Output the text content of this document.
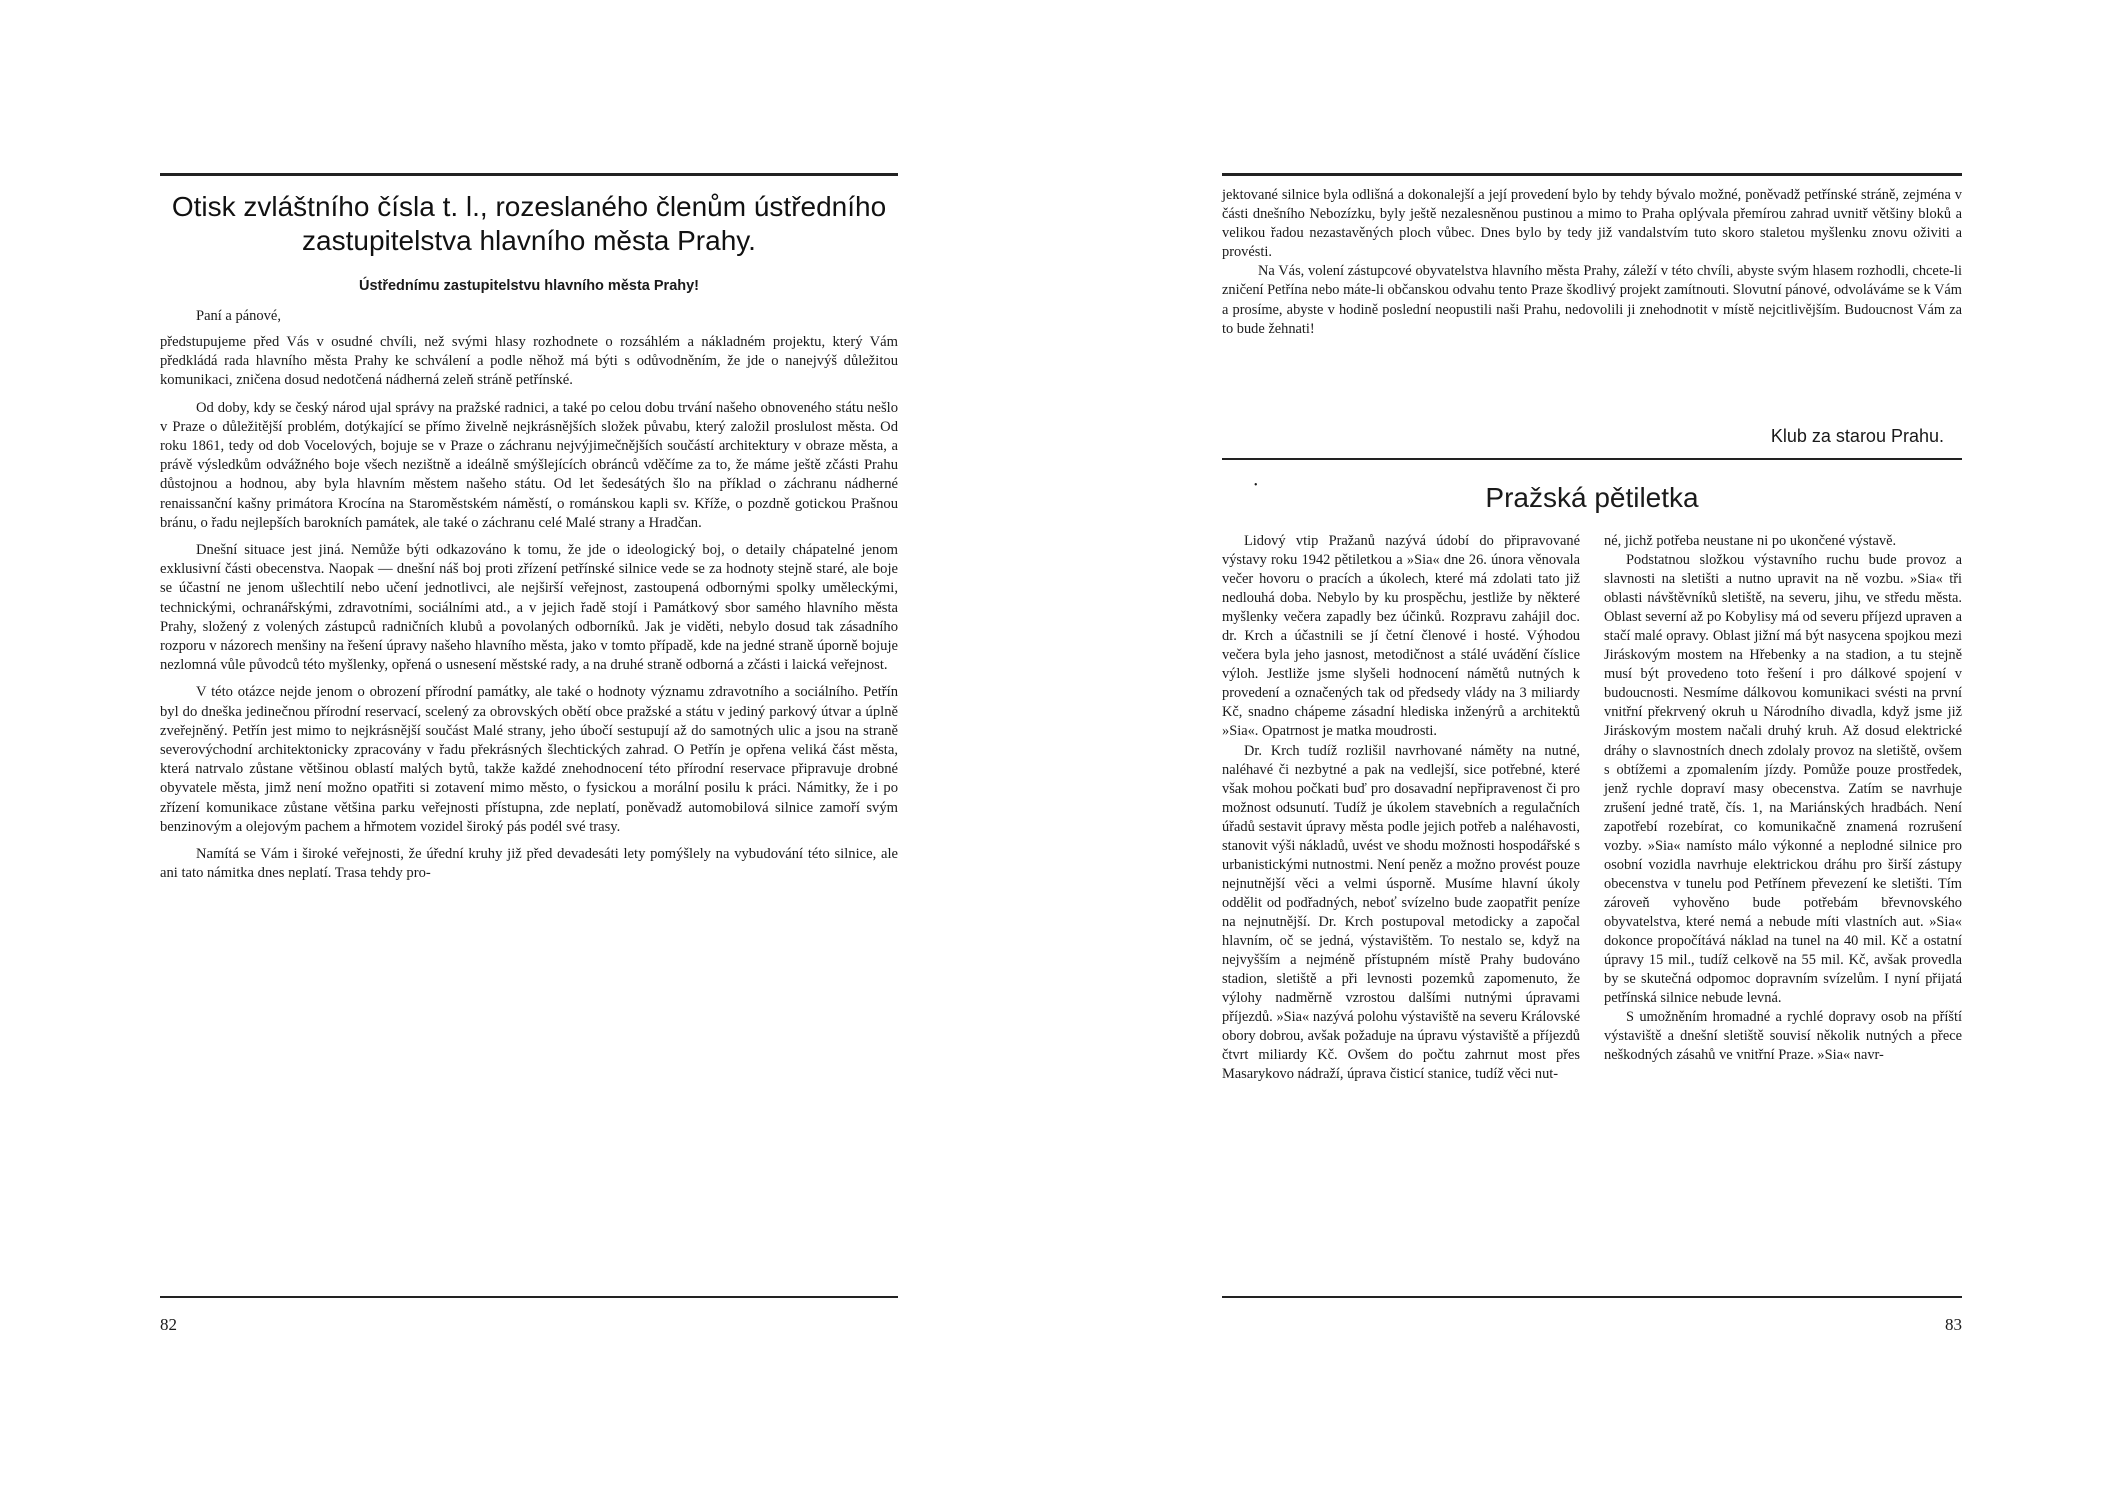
Otisk zvláštního čísla t. l., rozeslaného členům ústředního zastupitelstva hlavního města Prahy.
Ústřednímu zastupitelstvu hlavního města Prahy!
Paní a pánové,

předstupujeme před Vás v osudné chvíli, než svými hlasy rozhodnete o rozsáhlém a nákladném projektu, který Vám předkládá rada hlavního města Prahy ke schválení a podle něhož má býti s odůvodněním, že jde o nanejvýš důležitou komunikaci, zničena dosud nedotčená nádherná zeleň stráně petřínské.

Od doby, kdy se český národ ujal správy na pražské radnici, a také po celou dobu trvání našeho obnoveného státu nešlo v Praze o důležitější problém, dotýkající se přímo živelně nejkrásnějších složek půvabu, který založil proslulost města. Od roku 1861, tedy od dob Vocelových, bojuje se v Praze o záchranu nejvýjimečnějších součástí architektury v obraze města, a právě výsledkům odvážného boje všech nezištně a ideálně smýšlejících obránců vděčíme za to, že máme ještě zčásti Prahu důstojnou a hodnou, aby byla hlavním městem našeho státu. Od let šedesátých šlo na příklad o záchranu nádherné renaissanční kašny primátora Krocína na Staroměstském náměstí, o románskou kapli sv. Kříže, o pozdně gotickou Prašnou bránu, o řadu nejlepších barokních památek, ale také o záchranu celé Malé strany a Hradčan.

Dnešní situace jest jiná. Nemůže býti odkazováno k tomu, že jde o ideologický boj, o detaily chápatelné jenom exklusivní části obecenstva. Naopak — dnešní náš boj proti zřízení petřínské silnice vede se za hodnoty stejně staré, ale boje se účastní ne jenom ušlechtilí nebo učení jednotlivci, ale nejširší veřejnost, zastoupená odbornými spolky uměleckými, technickými, ochranářskými, zdravotními, sociálními atd., a v jejich řadě stojí i Památkový sbor samého hlavního města Prahy, složený z volených zástupců radničních klubů a povolaných odborníků. Jak je viděti, nebylo dosud tak zásadního rozporu v názorech menšiny na řešení úpravy našeho hlavního města, jako v tomto případě, kde na jedné straně úporně bojuje nezlomná vůle původců této myšlenky, opřená o usnesení městské rady, a na druhé straně odborná a zčásti i laická veřejnost.

V této otázce nejde jenom o obrození přírodní památky, ale také o hodnoty významu zdravotního a sociálního. Petřín byl do dneška jedinečnou přírodní reservací, scelený za obrovských obětí obce pražské a státu v jediný parkový útvar a úplně zveřejněný. Petřín jest mimo to nejkrásnější součást Malé strany, jeho úbočí sestupují až do samotných ulic a jsou na straně severovýchodní architektonicky zpracovány v řadu překrásných šlechtických zahrad. O Petřín je opřena veliká část města, která natrvalo zůstane většinou oblastí malých bytů, takže každé znehodnocení této přírodní reservace připravuje drobné obyvatele města, jimž není možno opatřiti si zotavení mimo město, o fysickou a morální posilu k práci. Námitky, že i po zřízení komunikace zůstane většina parku veřejnosti přístupna, zde neplatí, poněvadž automobilová silnice zamoří svým benzinovým a olejovým pachem a hřmotem vozidel široký pás podél své trasy.

Namítá se Vám i široké veřejnosti, že úřední kruhy již před devadesáti lety pomýšlely na vybudování této silnice, ale ani tato námitka dnes neplatí. Trasa tehdy pro-

82

jektované silnice byla odlišná a dokonalejší a její provedení bylo by tehdy bývalo možné, poněvadž petřínské stráně, zejména v části dnešního Nebozízku, byly ještě nezalesněnou pustinou a mimo to Praha oplývala přemírou zahrad uvnitř většiny bloků a velikou řadou nezastavěných ploch vůbec. Dnes bylo by tedy již vandalstvím tuto skoro staletou myšlenku znovu oživiti a provésti.

Na Vás, volení zástupcové obyvatelstva hlavního města Prahy, záleží v této chvíli, abyste svým hlasem rozhodli, chcete-li zničení Petřína nebo máte-li občanskou odvahu tento Praze škodlivý projekt zamítnouti. Slovutní pánové, odvoláváme se k Vám a prosíme, abyste v hodině poslední neopustili naši Prahu, nedovolili ji znehodnotit v místě nejcitlivějším. Budoucnost Vám za to bude žehnati!

Klub za starou Prahu.
•	Pražská pětiletka

Lidový vtip Pražanů nazývá údobí do připravované výstavy roku 1942 pětiletkou a »Sia« dne 26. února věnovala večer hovoru o pracích a úkolech, které má zdolati tato již nedlouhá doba. Nebylo by ku prospěchu, jestliže by některé myšlenky večera zapadly bez účinků. Rozpravu zahájil doc. dr. Krch a účastnili se jí četní členové i hosté. Výhodou večera byla jeho jasnost, metodičnost a stálé uvádění číslice výloh. Jestliže jsme slyšeli hodnocení námětů nutných k provedení a označených tak od předsedy vlády na 3 miliardy Kč, snadno chápeme zásadní hlediska inženýrů a architektů »Sia«. Opatrnost je matka moudrosti.

Dr. Krch tudíž rozlišil navrhované náměty na nutné, naléhavé či nezbytné a pak na vedlejší, sice potřebné, které však mohou počkati buď pro dosavadní nepřipravenost či pro možnost odsunutí. Tudíž je úkolem stavebních a regulačních úřadů sestavit úpravy města podle jejich potřeb a naléhavosti, stanovit výši nákladů, uvést ve shodu možnosti hospodářské s urbanistickými nutnostmi. Není peněz a možno provést pouze nejnutnější věci a velmi úsporně. Musíme hlavní úkoly oddělit od podřadných, neboť svízelno bude zaopatřit peníze na nejnutnější. Dr. Krch postupoval metodicky a započal hlavním, oč se jedná, výstavištěm. To nestalo se, když na nejvyšším a nejméně přístupném místě Prahy budováno stadion, sletiště a při levnosti pozemků zapomenuto, že výlohy nadměrně vzrostou dalšími nutnými úpravami příjezdů. »Sia« nazývá polohu výstaviště na severu Královské obory dobrou, avšak požaduje na úpravu výstaviště a příjezdů čtvrt miliardy Kč. Ovšem do počtu zahrnut most přes Masarykovo nádraží, úprava čisticí stanice, tudíž věci nut-

né, jichž potřeba neustane ni po ukončené výstavě.

Podstatnou složkou výstavního ruchu bude provoz a slavnosti na sletišti a nutno upravit na ně vozbu. »Sia« tři oblasti návštěvníků sletiště, na severu, jihu, ve středu města. Oblast severní až po Kobylisy má od severu příjezd upraven a stačí malé opravy. Oblast jižní má být nasycena spojkou mezi Jiráskovým mostem na Hřebenky a na stadion, a tu stejně musí být provedeno toto řešení i pro dálkové spojení v budoucnosti. Nesmíme dálkovou komunikaci svésti na první vnitřní překrvený okruh u Národního divadla, když jsme již Jiráskovým mostem načali druhý kruh. Až dosud elektrické dráhy o slavnostních dnech zdolaly provoz na sletiště, ovšem s obtížemi a zpomalením jízdy. Pomůže pouze prostředek, jenž rychle dopraví masy obecenstva. Zatím se navrhuje zrušení jedné tratě, čís. 1, na Mariánských hradbách. Není zapotřebí rozebírat, co komunikačně znamená rozrušení vozby. »Sia« namísto málo výkonné a neplodné silnice pro osobní vozidla navrhuje elektrickou dráhu pro širší zástupy obecenstva v tunelu pod Petřínem převezení ke sletišti. Tím zároveň vyhověno bude potřebám břevnovského obyvatelstva, které nemá a nebude míti vlastních aut. »Sia« dokonce propočítává náklad na tunel na 40 mil. Kč a ostatní úpravy 15 mil., tudíž celkově na 55 mil. Kč, avšak provedla by se skutečná odpomoc dopravním svízelům. I nyní přijatá petřínská silnice nebude levná.

S umožněním hromadné a rychlé dopravy osob na příští výstaviště a dnešní sletiště souvisí několik nutných a přece neškodných zásahů ve vnitřní Praze. »Sia« navr-

83
